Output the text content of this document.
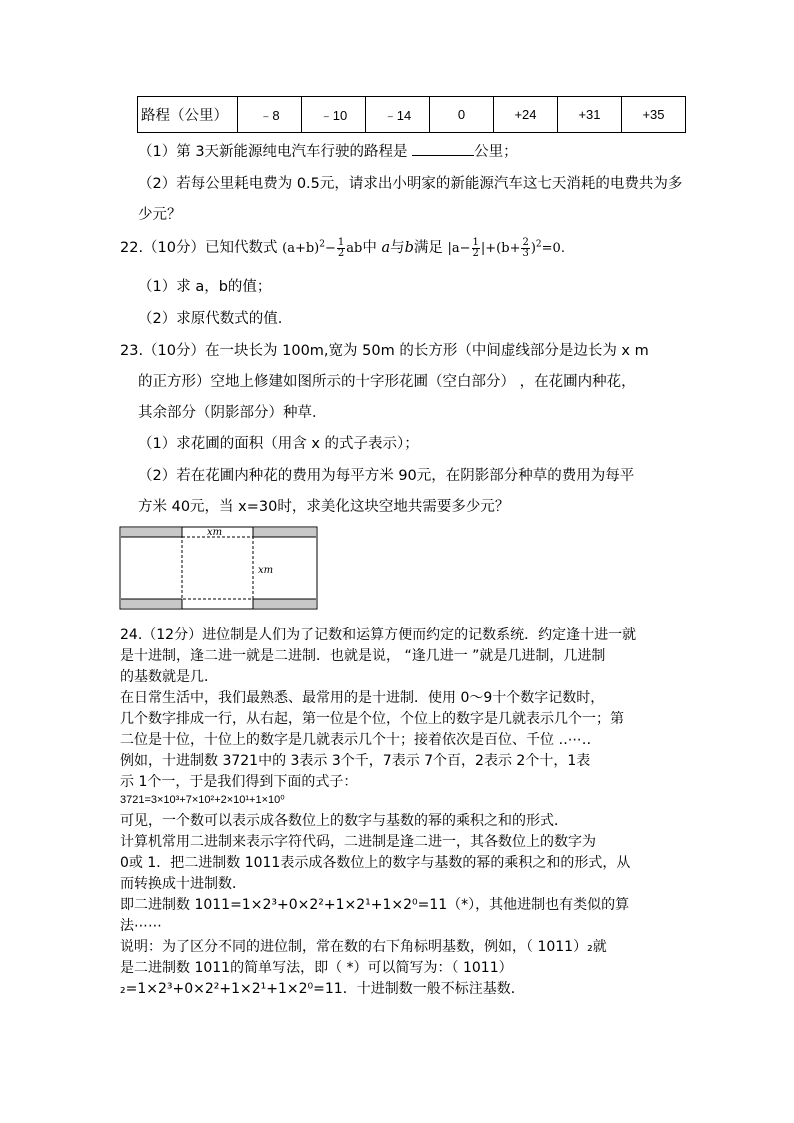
路程（公里）	﹣8	﹣10	﹣14	0	+24	+31	+35
（1）第 3天新能源纯电汽车行驶的路程是	公里；
（2）若每公里耗电费为 0.5元，请求出小明家的新能源汽车这七天消耗的电费共为多
少元？
22.（10分）已知代数式 $(a+b)^2- \frac{1}{2}$ ab中 a与b满足 $|a- \frac{1}{2} |+(b+ \frac{2}{3} )^2=0$.
（1）求 a，b的值；
（2）求原代数式的值.
23.（10分）在一块长为 100m,宽为 50m 的长方形（中间虚线部分是边长为 x m
的正方形）空地上修建如图所示的十字形花圃（空白部分） ，在花圃内种花，
其余部分（阴影部分）种草．
（1）求花圃的面积（用含 x 的式子表示）；
（2）若在花圃内种花的费用为每平方米 90元，在阴影部分种草的费用为每平
方米 40元，当 x=30时，求美化这块空地共需要多少元？
xm
xm
24.（12分）进位制是人们为了记数和运算方便而约定的记数系统．约定逢十进一就
是十进制，逢二进一就是二进制．也就是说， “逢几进一 ”就是几进制，几进制
的基数就是几．
在日常生活中，我们最熟悉、最常用的是十进制．使用 0～9十个数字记数时，
几个数字排成一行，从右起，第一位是个位，个位上的数字是几就表示几个一；第
二位是十位，十位上的数字是几就表示几个十；接着依次是百位、千位 ‥⋯‥
例如，十进制数 3721中的 3表示 3个千，7表示 7个百，2表示 2个十，1表
示 1个一，于是我们得到下面的式子：
3721=3×10³+7×10²+2×10¹+1×10⁰
可见，一个数可以表示成各数位上的数字与基数的幂的乘积之和的形式．
计算机常用二进制来表示字符代码，二进制是逢二进一，其各数位上的数字为
0或 1．把二进制数 1011表示成各数位上的数字与基数的幂的乘积之和的形式，从
而转换成十进制数．
即二进制数 1011=1×2³+0×2²+1×2¹+1×2⁰=11（*），其他进制也有类似的算
法⋯⋯
说明：为了区分不同的进位制，常在数的右下角标明基数，例如，（ 1011）₂就
是二进制数 1011的简单写法，即（ *）可以简写为：（ 1011）
₂=1×2³+0×2²+1×2¹+1×2⁰=11．十进制数一般不标注基数．
